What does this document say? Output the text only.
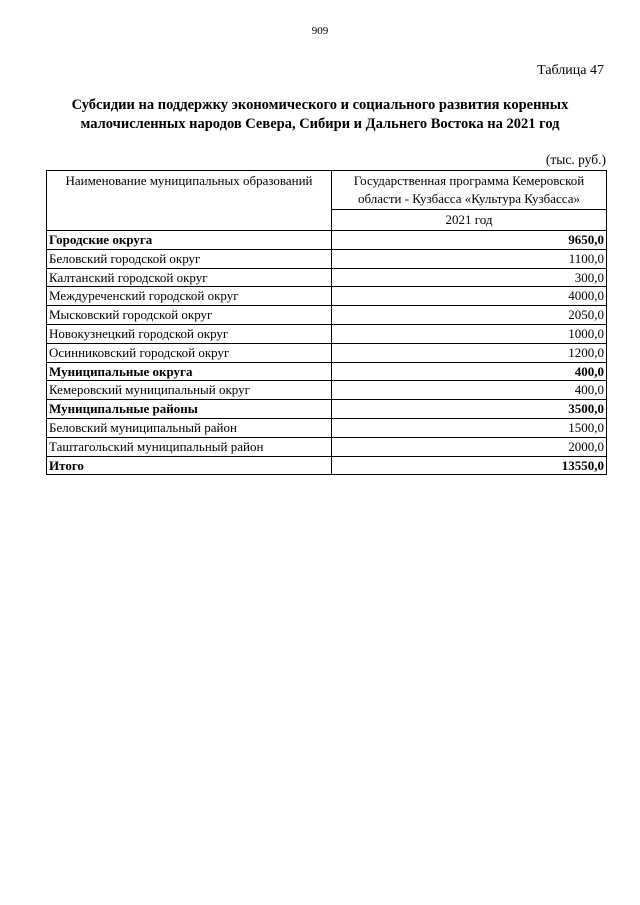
909
Таблица 47
Субсидии на поддержку экономического и социального развития коренных малочисленных народов Севера, Сибири и Дальнего Востока на 2021 год
(тыс. руб.)
Наименование муниципальных образований	Государственная программа Кемеровской области - Кузбасса «Культура Кузбасса»
	2021 год
Городские округа	9650,0
Беловский городской округ	1100,0
Калтанский городской округ	300,0
Междуреченский городской округ	4000,0
Мысковский городской округ	2050,0
Новокузнецкий городской округ	1000,0
Осинниковский городской округ	1200,0
Муниципальные округа	400,0
Кемеровский муниципальный округ	400,0
Муниципальные районы	3500,0
Беловский муниципальный район	1500,0
Таштагольский муниципальный район	2000,0
Итого	13550,0
